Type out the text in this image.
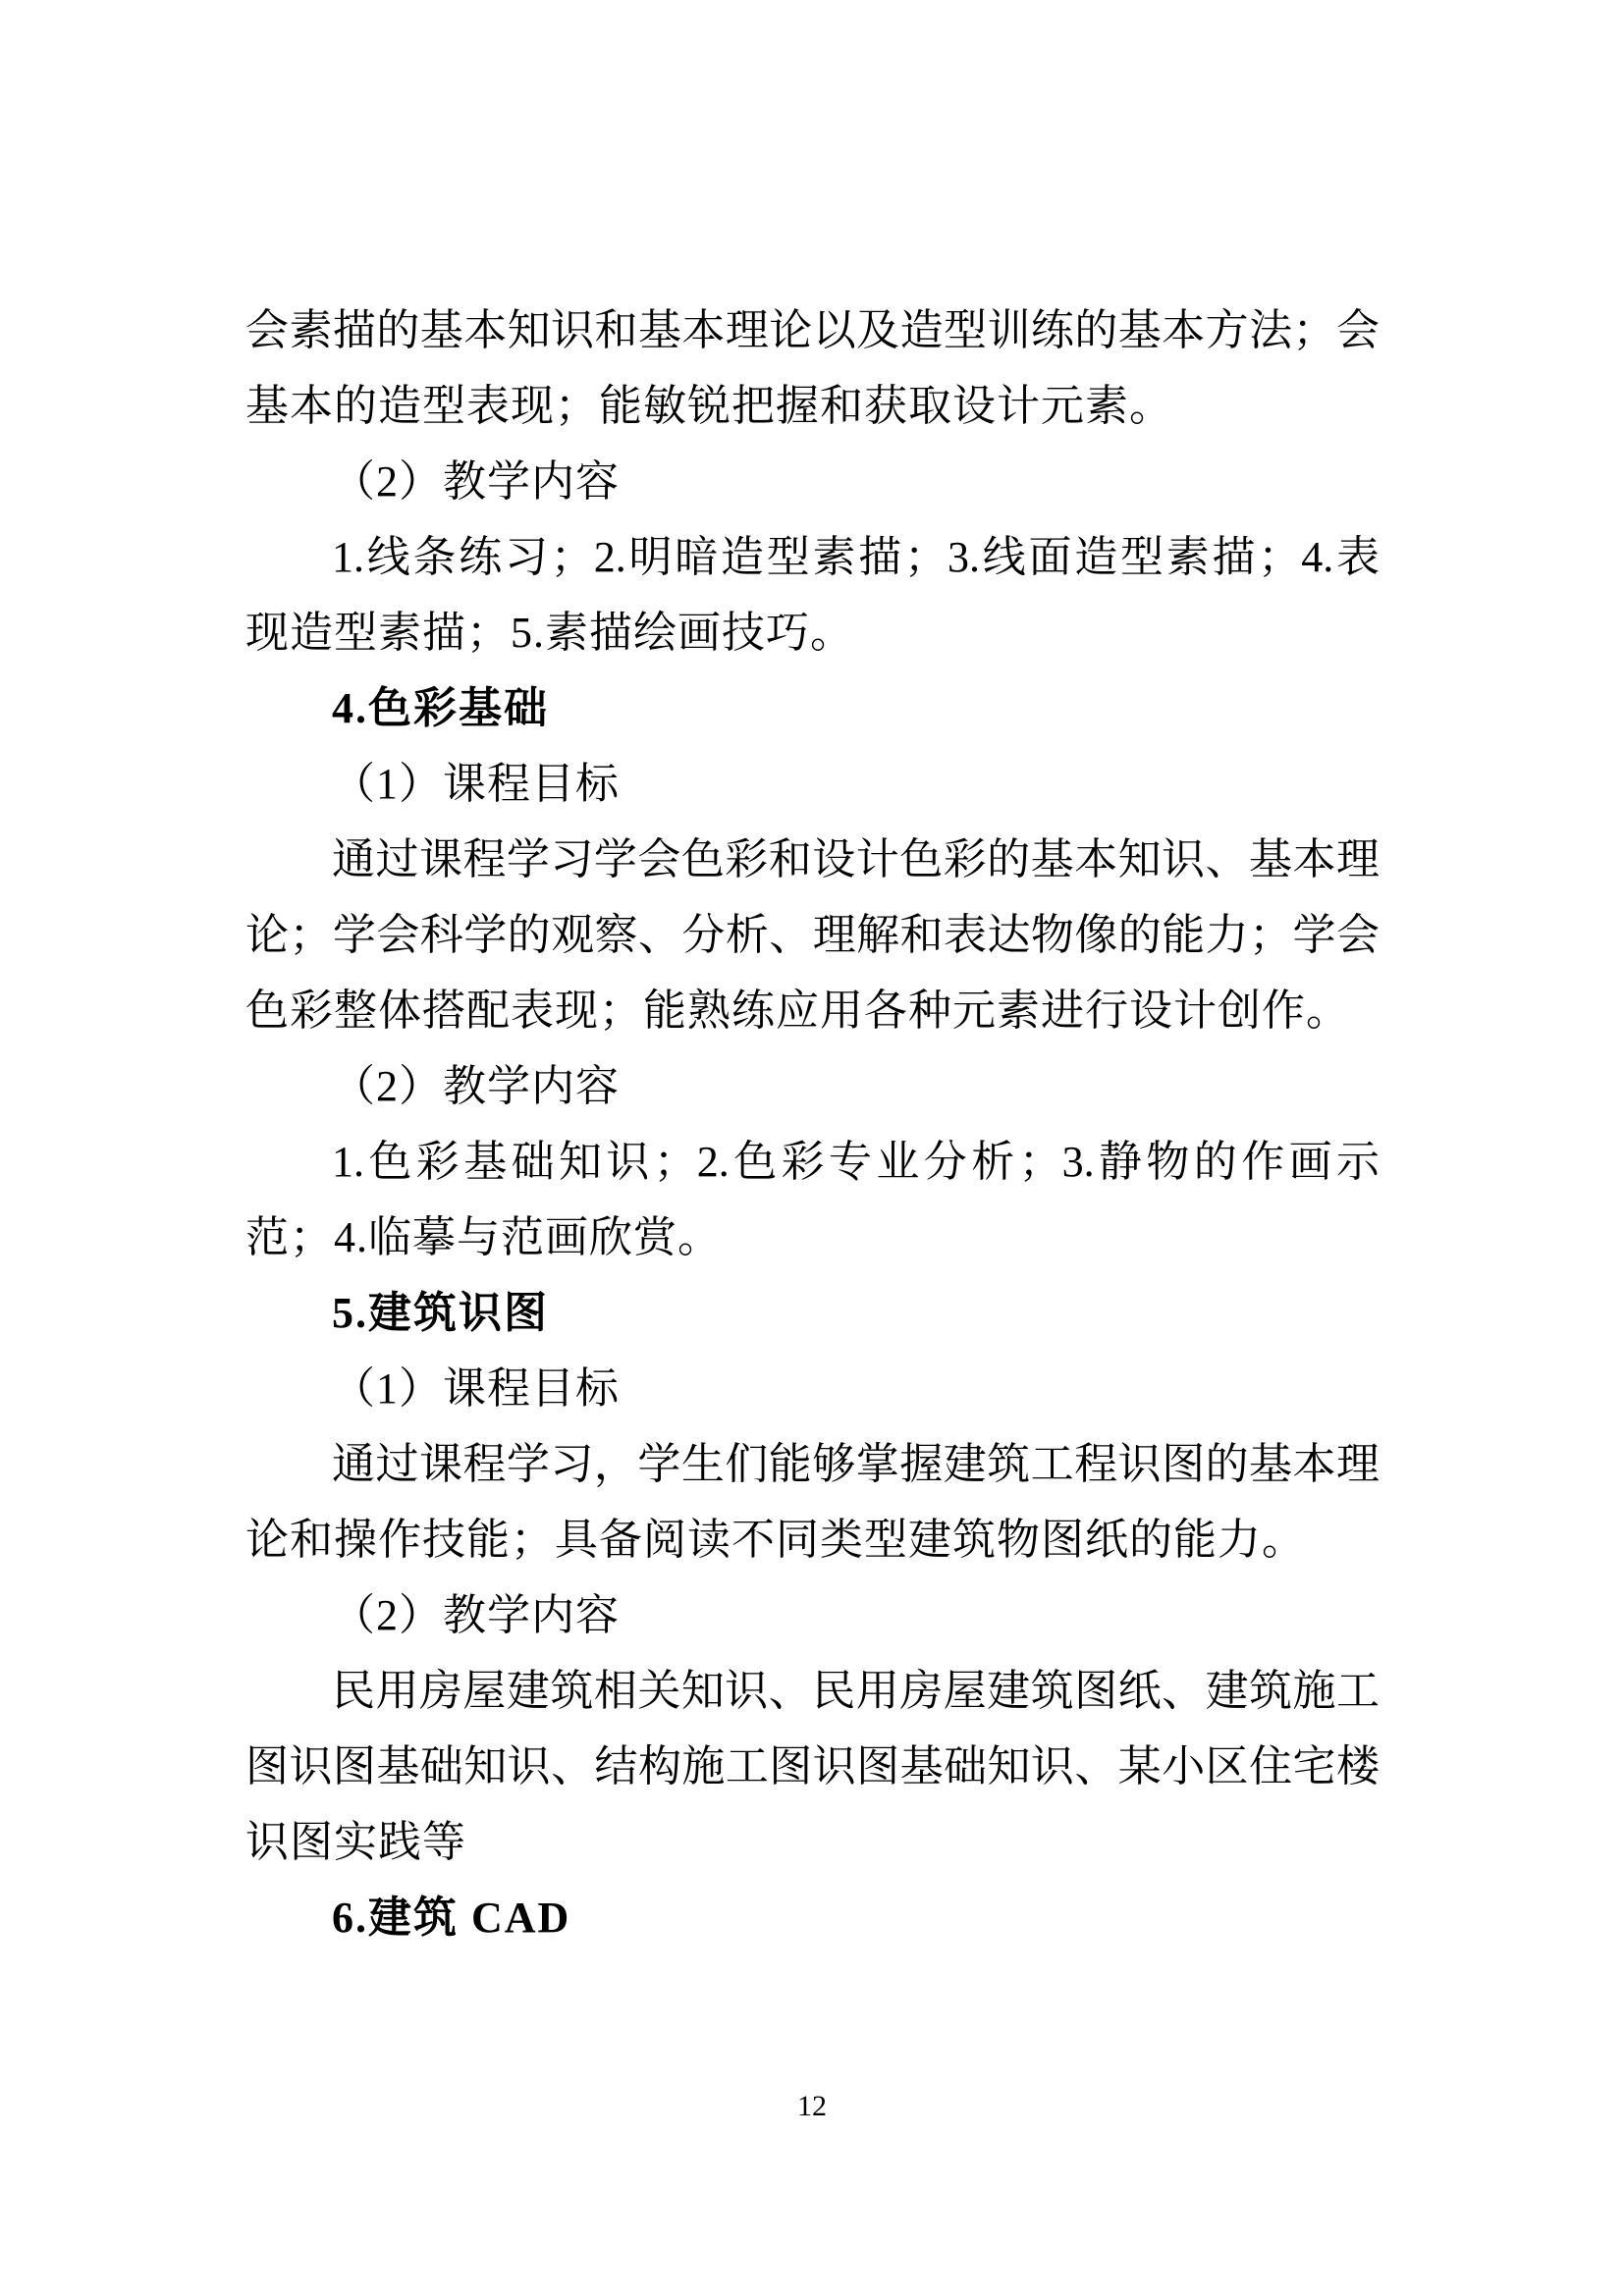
会素描的基本知识和基本理论以及造型训练的基本方法；会
基本的造型表现；能敏锐把握和获取设计元素。
（2）教学内容
1.线条练习；2.明暗造型素描；3.线面造型素描；4.表
现造型素描；5.素描绘画技巧。
4.色彩基础
（1）课程目标
通过课程学习学会色彩和设计色彩的基本知识、基本理
论；学会科学的观察、分析、理解和表达物像的能力；学会
色彩整体搭配表现；能熟练应用各种元素进行设计创作。
（2）教学内容
1.色彩基础知识；2.色彩专业分析；3.静物的作画示
范；4.临摹与范画欣赏。
5.建筑识图
（1）课程目标
通过课程学习，学生们能够掌握建筑工程识图的基本理
论和操作技能；具备阅读不同类型建筑物图纸的能力。
（2）教学内容
民用房屋建筑相关知识、民用房屋建筑图纸、建筑施工
图识图基础知识、结构施工图识图基础知识、某小区住宅楼
识图实践等
6.建筑 CAD
12
